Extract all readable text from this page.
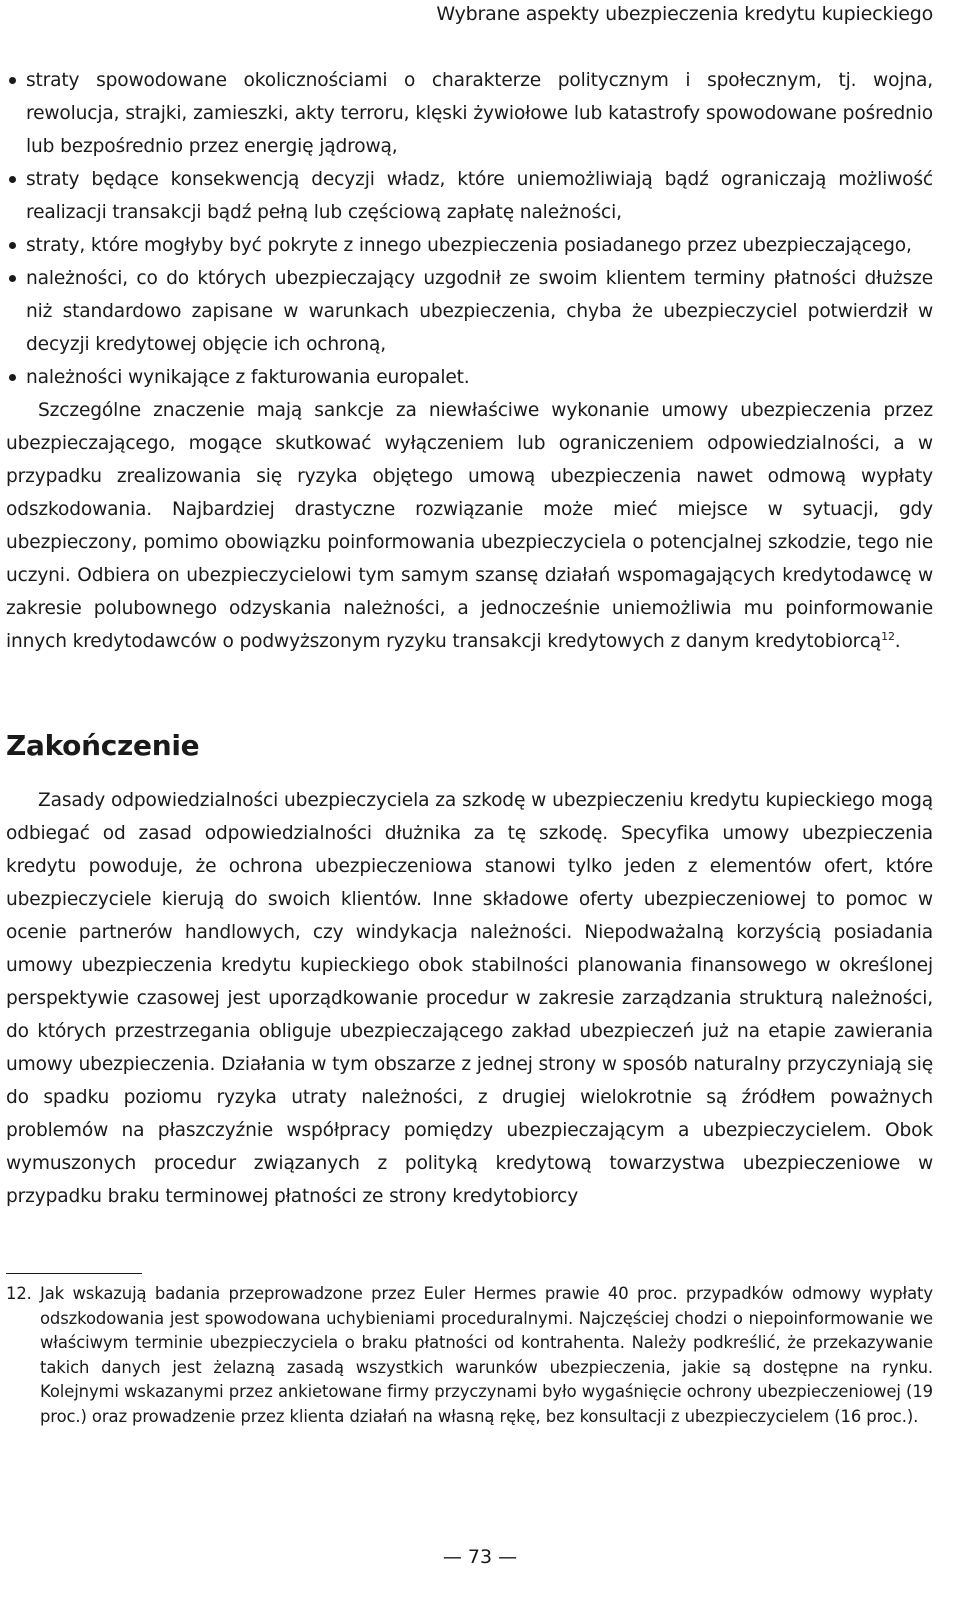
Wybrane aspekty ubezpieczenia kredytu kupieckiego
straty spowodowane okolicznościami o charakterze politycznym i społecznym, tj. wojna, rewolucja, strajki, zamieszki, akty terroru, klęski żywiołowe lub katastrofy spowodowane pośrednio lub bezpośrednio przez energię jądrową,
straty będące konsekwencją decyzji władz, które uniemożliwiają bądź ograniczają możliwość realizacji transakcji bądź pełną lub częściową zapłatę należności,
straty, które mogłyby być pokryte z innego ubezpieczenia posiadanego przez ubezpieczającego,
należności, co do których ubezpieczający uzgodnił ze swoim klientem terminy płatności dłuższe niż standardowo zapisane w warunkach ubezpieczenia, chyba że ubezpieczyciel potwierdził w decyzji kredytowej objęcie ich ochroną,
należności wynikające z fakturowania europalet.

Szczególne znaczenie mają sankcje za niewłaściwe wykonanie umowy ubezpieczenia przez ubezpieczającego, mogące skutkować wyłączeniem lub ograniczeniem odpowiedzialności, a w przypadku zrealizowania się ryzyka objętego umową ubezpieczenia nawet odmową wypłaty odszkodowania. Najbardziej drastyczne rozwiązanie może mieć miejsce w sytuacji, gdy ubezpieczony, pomimo obowiązku poinformowania ubezpieczyciela o potencjalnej szkodzie, tego nie uczyni. Odbiera on ubezpieczycielowi tym samym szansę działań wspomagających kredytodawcę w zakresie polubownego odzyskania należności, a jednocześnie uniemożliwia mu poinformowanie innych kredytodawców o podwyższonym ryzyku transakcji kredytowych z danym kredytobiorcą$^{12}$.

Zakończenie

Zasady odpowiedzialności ubezpieczyciela za szkodę w ubezpieczeniu kredytu kupieckiego mogą odbiegać od zasad odpowiedzialności dłużnika za tę szkodę. Specyfika umowy ubezpieczenia kredytu powoduje, że ochrona ubezpieczeniowa stanowi tylko jeden z elementów ofert, które ubezpieczyciele kierują do swoich klientów. Inne składowe oferty ubezpieczeniowej to pomoc w ocenie partnerów handlowych, czy windykacja należności. Niepodważalną korzyścią posiadania umowy ubezpieczenia kredytu kupieckiego obok stabilności planowania finansowego w określonej perspektywie czasowej jest uporządkowanie procedur w zakresie zarządzania strukturą należności, do których przestrzegania obliguje ubezpieczającego zakład ubezpieczeń już na etapie zawierania umowy ubezpieczenia. Działania w tym obszarze z jednej strony w sposób naturalny przyczyniają się do spadku poziomu ryzyka utraty należności, z drugiej wielokrotnie są źródłem poważnych problemów na płaszczyźnie współpracy pomiędzy ubezpieczającym a ubezpieczycielem. Obok wymuszonych procedur związanych z polityką kredytową towarzystwa ubezpieczeniowe w przypadku braku terminowej płatności ze strony kredytobiorcy

12. Jak wskazują badania przeprowadzone przez Euler Hermes prawie 40 proc. przypadków odmowy wypłaty odszkodowania jest spowodowana uchybieniami proceduralnymi. Najczęściej chodzi o niepoinformowanie we właściwym terminie ubezpieczyciela o braku płatności od kontrahenta. Należy podkreślić, że przekazywanie takich danych jest żelazną zasadą wszystkich warunków ubezpieczenia, jakie są dostępne na rynku. Kolejnymi wskazanymi przez ankietowane firmy przyczynami było wygaśnięcie ochrony ubezpieczeniowej (19 proc.) oraz prowadzenie przez klienta działań na własną rękę, bez konsultacji z ubezpieczycielem (16 proc.).
— 73 —
